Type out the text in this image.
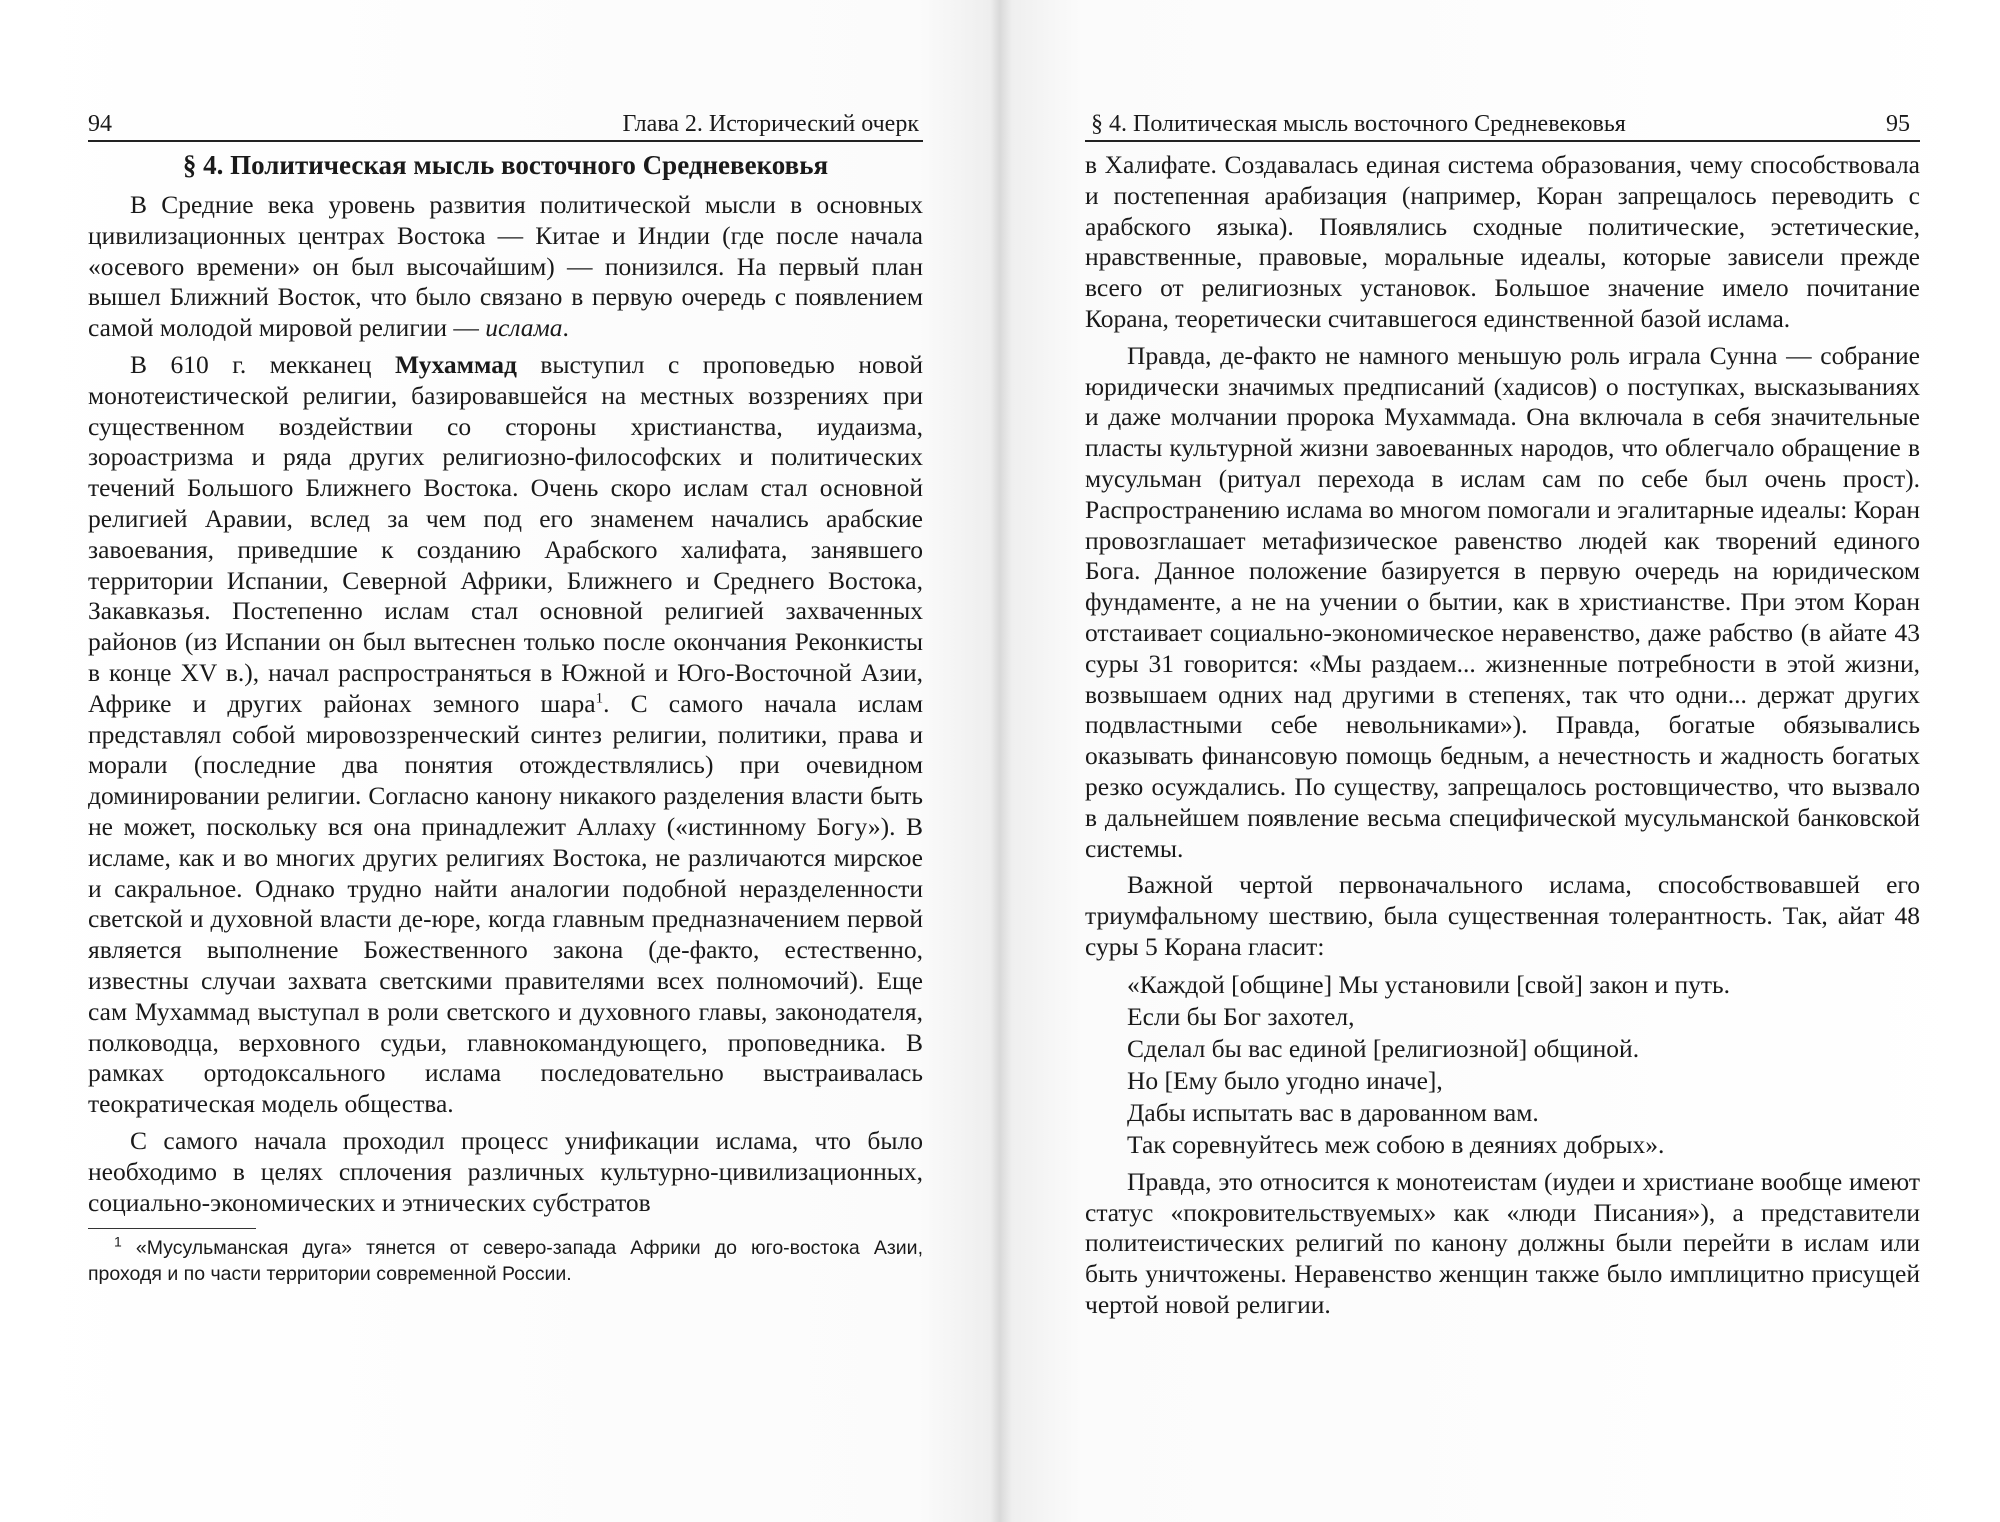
94	Глава 2. Исторический очерк
§ 4. Политическая мысль восточного Средневековья

В Средние века уровень развития политической мысли в основных цивилизационных центрах Востока — Китае и Индии (где после начала «осевого времени» он был высочайшим) — понизился. На первый план вышел Ближний Восток, что было связано в первую очередь с появлением самой молодой мировой религии — ислама.

В 610 г. мекканец Мухаммад выступил с проповедью новой монотеистической религии, базировавшейся на местных воззрениях при существенном воздействии со стороны христианства, иудаизма, зороастризма и ряда других религиозно-философских и политических течений Большого Ближнего Востока. Очень скоро ислам стал основной религией Аравии, вслед за чем под его знаменем начались арабские завоевания, приведшие к созданию Арабского халифата, занявшего территории Испании, Северной Африки, Ближнего и Среднего Востока, Закавказья. Постепенно ислам стал основной религией захваченных районов (из Испании он был вытеснен только после окончания Реконкисты в конце XV в.), начал распространяться в Южной и Юго-Восточной Азии, Африке и других районах земного шара$^1$. С самого начала ислам представлял собой мировоззренческий синтез религии, политики, права и морали (последние два понятия отождествлялись) при очевидном доминировании религии. Согласно канону никакого разделения власти быть не может, поскольку вся она принадлежит Аллаху («истинному Богу»). В исламе, как и во многих других религиях Востока, не различаются мирское и сакральное. Однако трудно найти аналогии подобной неразделенности светской и духовной власти де-юре, когда главным предназначением первой является выполнение Божественного закона (де-факто, естественно, известны случаи захвата светскими правителями всех полномочий). Еще сам Мухаммад выступал в роли светского и духовного главы, законодателя, полководца, верховного судьи, главнокомандующего, проповедника. В рамках ортодоксального ислама последовательно выстраивалась теократическая модель общества.

С самого начала проходил процесс унификации ислама, что было необходимо в целях сплочения различных культурно-цивилизационных, социально-экономических и этнических субстратов

$^1$ «Мусульманская дуга» тянется от северо-запада Африки до юго-востока Азии, проходя и по части территории современной России.
§ 4. Политическая мысль восточного Средневековья	95

в Халифате. Создавалась единая система образования, чему способствовала и постепенная арабизация (например, Коран запрещалось переводить с арабского языка). Появлялись сходные политические, эстетические, нравственные, правовые, моральные идеалы, которые зависели прежде всего от религиозных установок. Большое значение имело почитание Корана, теоретически считавшегося единственной базой ислама.

Правда, де-факто не намного меньшую роль играла Сунна — собрание юридически значимых предписаний (хадисов) о поступках, высказываниях и даже молчании пророка Мухаммада. Она включала в себя значительные пласты культурной жизни завоеванных народов, что облегчало обращение в мусульман (ритуал перехода в ислам сам по себе был очень прост). Распространению ислама во многом помогали и эгалитарные идеалы: Коран провозглашает метафизическое равенство людей как творений единого Бога. Данное положение базируется в первую очередь на юридическом фундаменте, а не на учении о бытии, как в христианстве. При этом Коран отстаивает социально-экономическое неравенство, даже рабство (в айате 43 суры 31 говорится: «Мы раздаем... жизненные потребности в этой жизни, возвышаем одних над другими в степенях, так что одни... держат других подвластными себе невольниками»). Правда, богатые обязывались оказывать финансовую помощь бедным, а нечестность и жадность богатых резко осуждались. По существу, запрещалось ростовщичество, что вызвало в дальнейшем появление весьма специфической мусульманской банковской системы.

Важной чертой первоначального ислама, способствовавшей его триумфальному шествию, была существенная толерантность. Так, айат 48 суры 5 Корана гласит:

«Каждой [общине] Мы установили [свой] закон и путь.
Если бы Бог захотел,
Сделал бы вас единой [религиозной] общиной.
Но [Ему было угодно иначе],
Дабы испытать вас в дарованном вам.
Так соревнуйтесь меж собою в деяниях добрых».

Правда, это относится к монотеистам (иудеи и христиане вообще имеют статус «покровительствуемых» как «люди Писания»), а представители политеистических религий по канону должны были перейти в ислам или быть уничтожены. Неравенство женщин также было имплицитно присущей чертой новой религии.
